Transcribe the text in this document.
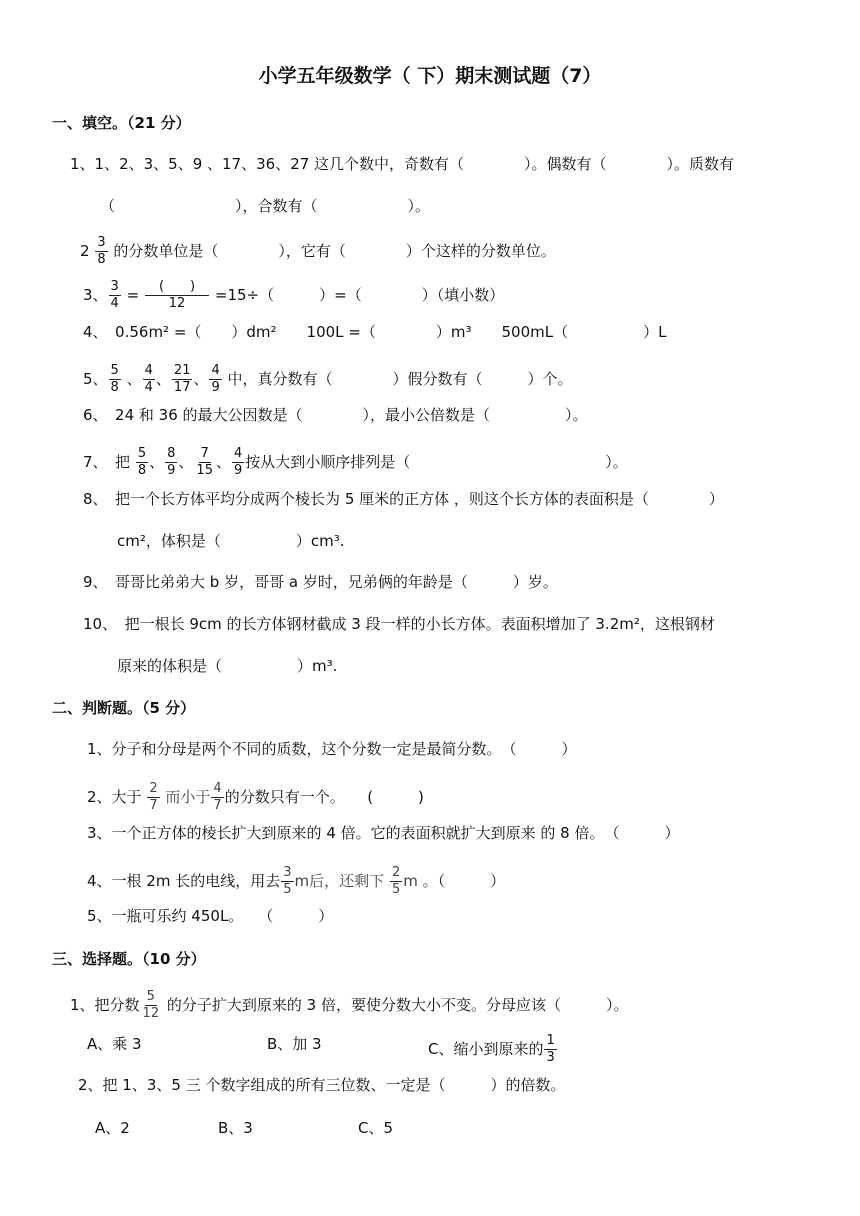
小学五年级数学（ 下）期末测试题（7）
一、填空。（21 分）
1、1、2、3、5、9 、17、36、27 这几个数中，奇数有（　　　　）。偶数有（　　　　）。质数有
（　　　　　　　　），合数有（　　　　　　）。
$2 \frac{3}{8}$ 的分数单位是（　　　　），它有（　　　　）个这样的分数单位。
3、 $\frac{3}{4} = \frac{( )}{12} =15\div$（　　　）=（　　　　）（填小数）
4、　0.56m² =（　　）dm²　　100L =（　　　　）m³　　500mL（　　　　　）L
5、 $\frac{5}{8}$ 、 $\frac{4}{4}$ 、 $\frac{21}{17}$ 、 $\frac{4}{9}$ 中，真分数有（　　　　）假分数有（　　　）个。
6、　24 和 36 的最大公因数是（　　　　），最小公倍数是（　　　　　）。
7、　把 $\frac{5}{8}$ 、 $\frac{8}{9}$ 、 $\frac{7}{15}$ 、 $\frac{4}{9}$ 按从大到小顺序排列是（　　　　　　　　　　　　　）。
8、　把一个长方体平均分成两个棱长为 5 厘米的正方体 ，则这个长方体的表面积是（　　　　）
cm²，体积是（　　　　　）cm³.
9、　哥哥比弟弟大 b 岁，哥哥 a 岁时，兄弟俩的年龄是（　　　）岁。
10、　把一根长 9cm 的长方体钢材截成 3 段一样的小长方体。表面积增加了 3.2m²，这根钢材
原来的体积是（　　　　　）m³.
二、判断题。（5 分）
1、分子和分母是两个不同的质数，这个分数一定是最简分数。　（　　　）
2、大于 $\frac{2}{7}$ 而小于 $\frac{4}{7}$ 的分数只有一个。　　(　　　)
3、一个正方体的棱长扩大到原来的 4 倍。它的表面积就扩大到原来 的 8 倍。　（　　　）
4、一根 2m 长的电线，用去 $\frac{3}{5}$ m后，还剩下 $\frac{2}{5}$ m 。（　　　）
5、一瓶可乐约 450L。　　（　　　）
三、选择题。（10 分）
1、把分数 $\frac{5}{12}$ 的分子扩大到原来的 3 倍，要使分数大小不变。分母应该（　　　）。
A、乘 3	B、加 3	C、缩小到原来的 $\frac{1}{3}$
2、把 1、3、5 三 个数字组成的所有三位数、一定是（　　　）的倍数。
A、2	B、3	C、5
